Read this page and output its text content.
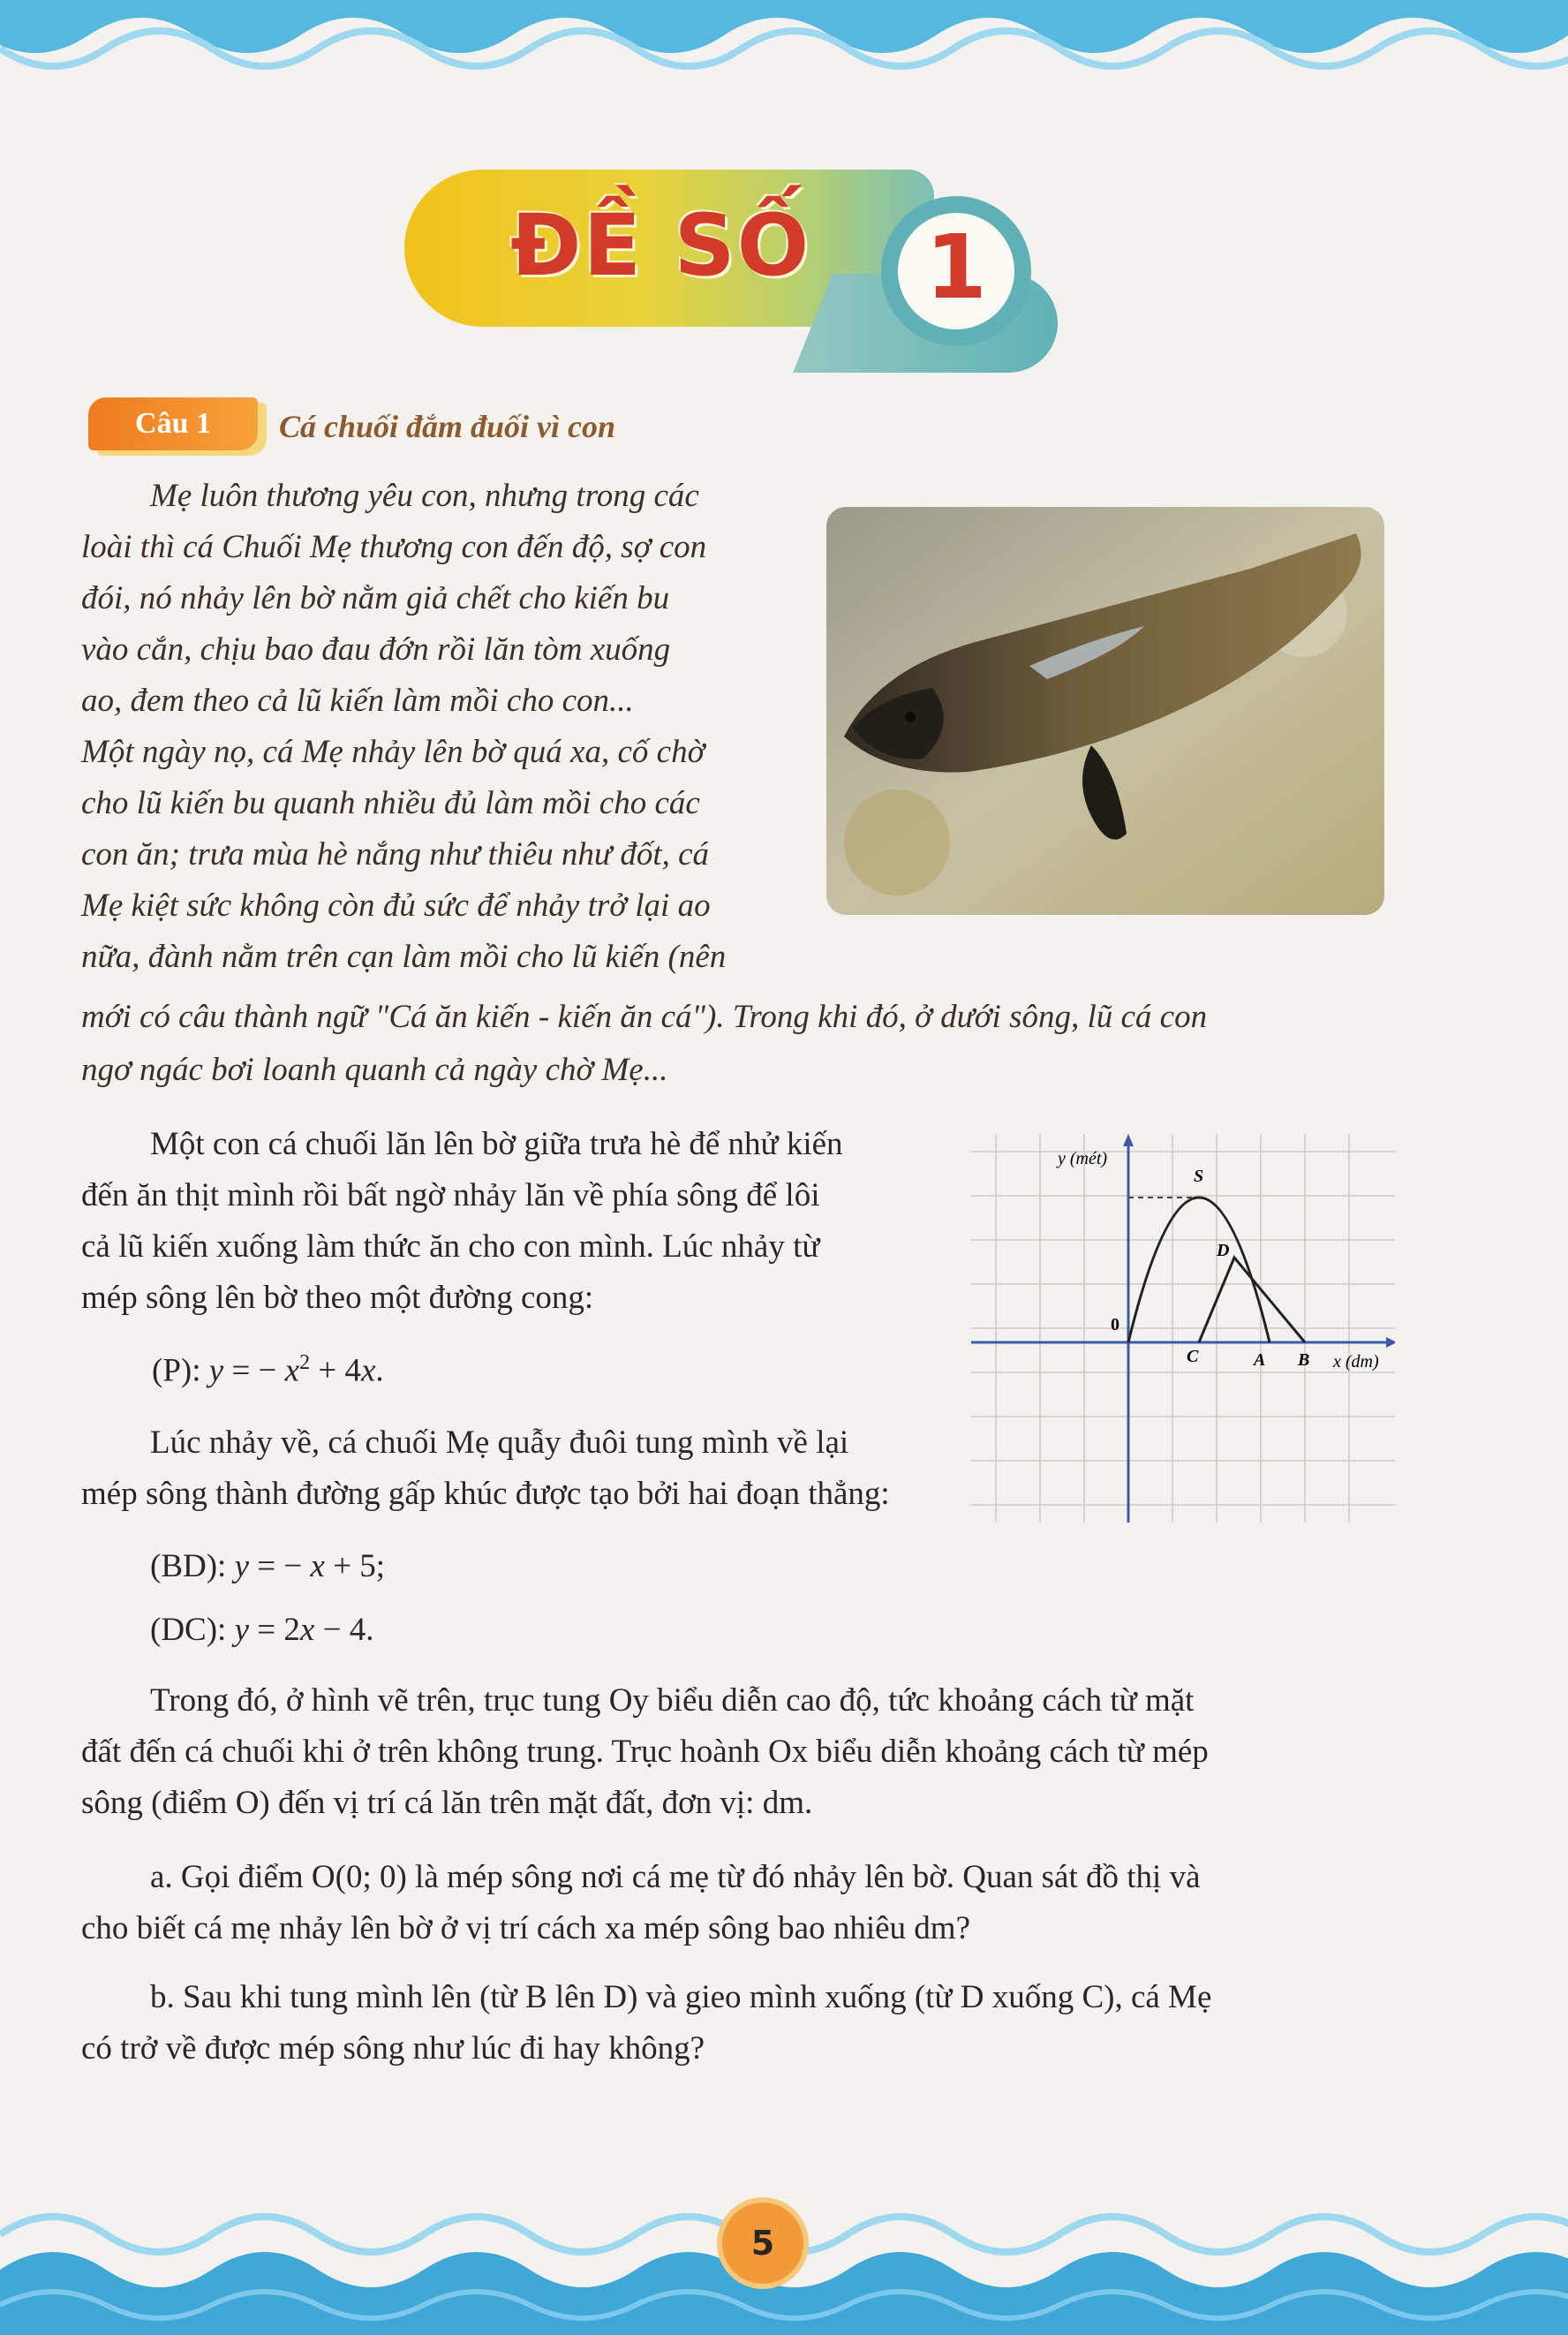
ĐỀ SỐ	1
Câu 1	Cá chuối đắm đuối vì con
Mẹ luôn thương yêu con, nhưng trong các
loài thì cá Chuối Mẹ thương con đến độ, sợ con
đói, nó nhảy lên bờ nằm giả chết cho kiến bu
vào cắn, chịu bao đau đớn rồi lăn tòm xuống
ao, đem theo cả lũ kiến làm mồi cho con...
Một ngày nọ, cá Mẹ nhảy lên bờ quá xa, cố chờ
cho lũ kiến bu quanh nhiều đủ làm mồi cho các
con ăn; trưa mùa hè nắng như thiêu như đốt, cá
Mẹ kiệt sức không còn đủ sức để nhảy trở lại ao
nữa, đành nằm trên cạn làm mồi cho lũ kiến (nên
mới có câu thành ngữ "Cá ăn kiến - kiến ăn cá"). Trong khi đó, ở dưới sông, lũ cá con
ngơ ngác bơi loanh quanh cả ngày chờ Mẹ...
Một con cá chuối lăn lên bờ giữa trưa hè để nhử kiến
đến ăn thịt mình rồi bất ngờ nhảy lăn về phía sông để lôi
cả lũ kiến xuống làm thức ăn cho con mình. Lúc nhảy từ
mép sông lên bờ theo một đường cong:
(P): y = − $x^2 + 4x$.
Lúc nhảy về, cá chuối Mẹ quẫy đuôi tung mình về lại
mép sông thành đường gấp khúc được tạo bởi hai đoạn thẳng:
(BD): y = − x + 5;
(DC): y = 2x − 4.
Trong đó, ở hình vẽ trên, trục tung Oy biểu diễn cao độ, tức khoảng cách từ mặt
đất đến cá chuối khi ở trên không trung. Trục hoành Ox biểu diễn khoảng cách từ mép
sông (điểm O) đến vị trí cá lăn trên mặt đất, đơn vị: dm.
a. Gọi điểm O(0; 0) là mép sông nơi cá mẹ từ đó nhảy lên bờ. Quan sát đồ thị và
cho biết cá mẹ nhảy lên bờ ở vị trí cách xa mép sông bao nhiêu dm?
b. Sau khi tung mình lên (từ B lên D) và gieo mình xuống (từ D xuống C), cá Mẹ
có trở về được mép sông như lúc đi hay không?
y (mét)
x (dm)
0
S
D
C	A B
5
